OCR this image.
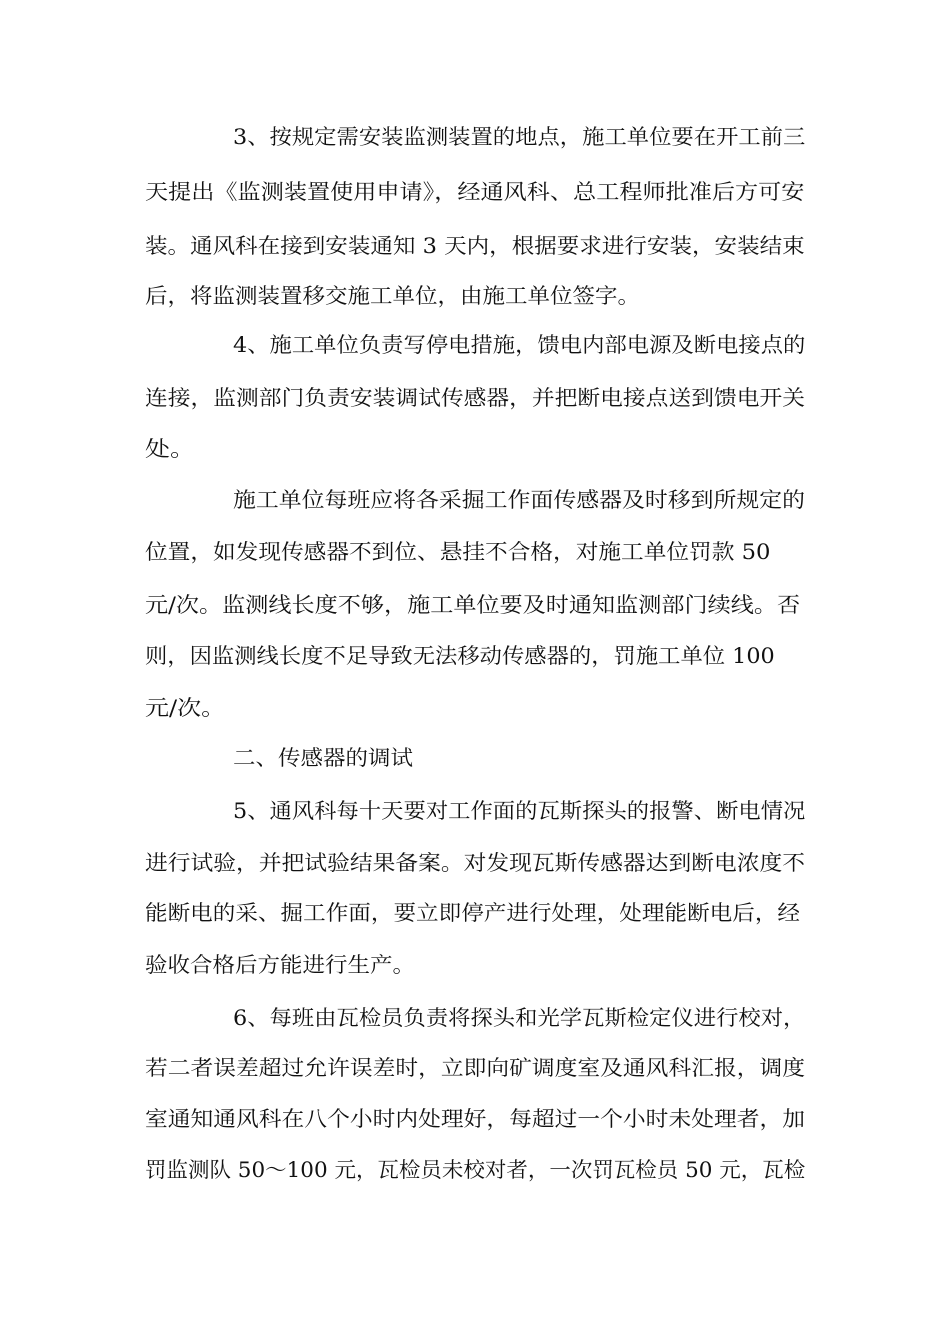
3、按规定需安装监测装置的地点，施工单位要在开工前三
天提出《监测装置使用申请》，经通风科、总工程师批准后方可安
装。通风科在接到安装通知 3 天内，根据要求进行安装，安装结束
后，将监测装置移交施工单位，由施工单位签字。
4、施工单位负责写停电措施，馈电内部电源及断电接点的
连接，监测部门负责安装调试传感器，并把断电接点送到馈电开关
处。
施工单位每班应将各采掘工作面传感器及时移到所规定的
位置，如发现传感器不到位、悬挂不合格，对施工单位罚款 50
元/次。监测线长度不够，施工单位要及时通知监测部门续线。否
则，因监测线长度不足导致无法移动传感器的，罚施工单位 100
元/次。
二、传感器的调试
5、通风科每十天要对工作面的瓦斯探头的报警、断电情况
进行试验，并把试验结果备案。对发现瓦斯传感器达到断电浓度不
能断电的采、掘工作面，要立即停产进行处理，处理能断电后，经
验收合格后方能进行生产。
6、每班由瓦检员负责将探头和光学瓦斯检定仪进行校对，
若二者误差超过允许误差时，立即向矿调度室及通风科汇报，调度
室通知通风科在八个小时内处理好，每超过一个小时未处理者，加
罚监测队 50～100 元，瓦检员未校对者，一次罚瓦检员 50 元，瓦检
